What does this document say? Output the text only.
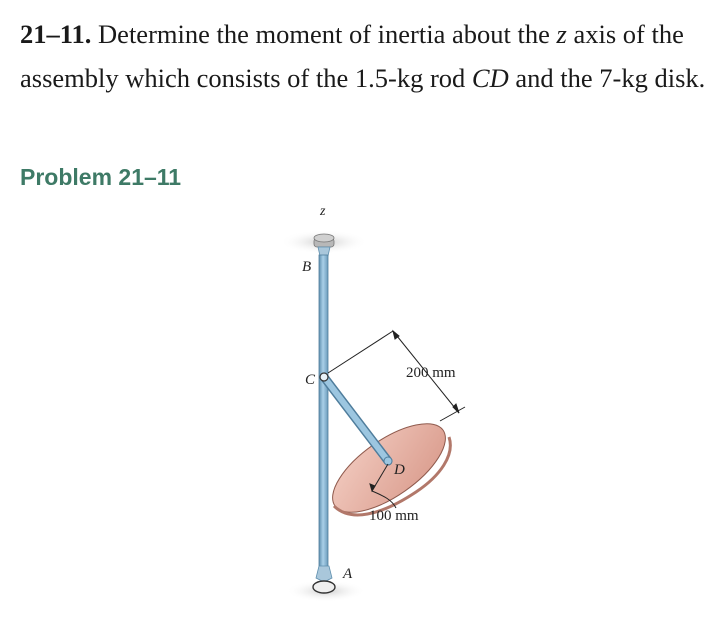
21–11. Determine the moment of inertia about the z axis of the assembly which consists of the 1.5-kg rod CD and the 7-kg disk.

Problem 21–11
z
B
C
D
A
200 mm
100 mm
